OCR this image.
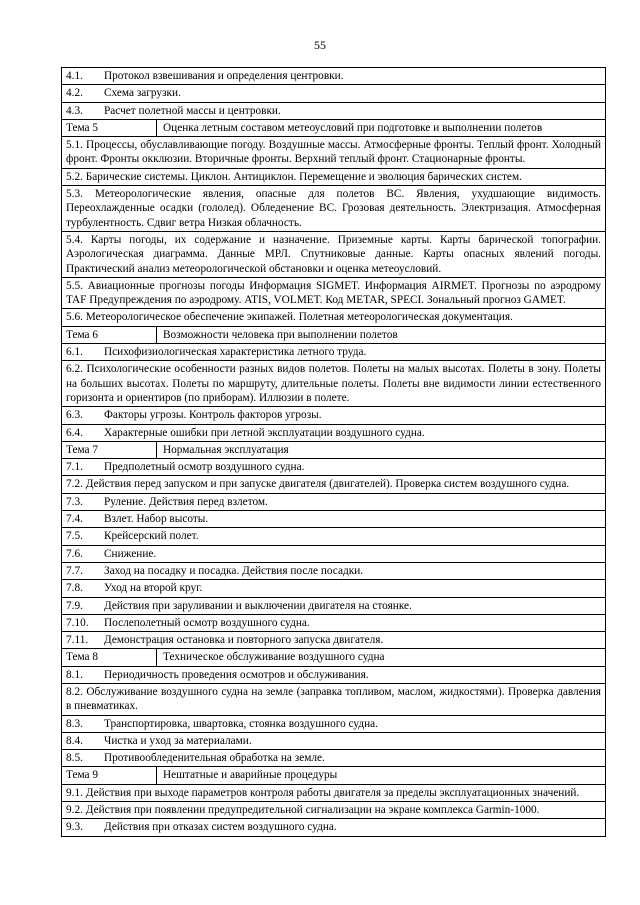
55
4.1.	Протокол взвешивания и определения центровки.
4.2.	Схема загрузки.
4.3.	Расчет полетной массы и центровки.
Тема 5	Оценка летным составом метеоусловий при подготовке и выполнении полетов
5.1. Процессы, обуславливающие погоду. Воздушные массы. Атмосферные фронты. Теплый фронт. Холодный фронт. Фронты окклюзии. Вторичные фронты. Верхний теплый фронт. Стационарные фронты.
5.2. Барические системы. Циклон. Антициклон. Перемещение и эволюция барических систем.
5.3. Метеорологические явления, опасные для полетов ВС. Явления, ухудшающие видимость. Переохлажденные осадки (гололед). Обледенение ВС. Грозовая деятельность. Электризация. Атмосферная турбулентность. Сдвиг ветра Низкая облачность.
5.4. Карты погоды, их содержание и назначение. Приземные карты. Карты барической топографии. Аэрологическая диаграмма. Данные МРЛ. Спутниковые данные. Карты опасных явлений погоды. Практический анализ метеорологической обстановки и оценка метеоусловий.
5.5. Авиационные прогнозы погоды Информация SIGMET. Информация AIRMET. Прогнозы по аэродрому TAF Предупреждения по аэродрому. ATIS, VOLMET. Код METAR, SPECI. Зональный прогноз GAMET.
5.6. Метеорологическое обеспечение экипажей. Полетная метеорологическая документация.
Тема 6	Возможности человека при выполнении полетов
6.1.	Психофизиологическая характеристика летного труда.
6.2. Психологические особенности разных видов полетов. Полеты на малых высотах. Полеты в зону. Полеты на больших высотах. Полеты по маршруту, длительные полеты. Полеты вне видимости линии естественного горизонта и ориентиров (по приборам). Иллюзии в полете.
6.3.	Факторы угрозы. Контроль факторов угрозы.
6.4.	Характерные ошибки при летной эксплуатации воздушного судна.
Тема 7	Нормальная эксплуатация
7.1.	Предполетный осмотр воздушного судна.
7.2. Действия перед запуском и при запуске двигателя (двигателей). Проверка систем воздушного судна.
7.3.	Руление. Действия перед взлетом.
7.4.	Взлет. Набор высоты.
7.5.	Крейсерский полет.
7.6.	Снижение.
7.7.	Заход на посадку и посадка. Действия после посадки.
7.8.	Уход на второй круг.
7.9.	Действия при заруливании и выключении двигателя на стоянке.
7.10.	Послеполетный осмотр воздушного судна.
7.11.	Демонстрация остановка и повторного запуска двигателя.
Тема 8	Техническое обслуживание воздушного судна
8.1.	Периодичность проведения осмотров и обслуживания.
8.2. Обслуживание воздушного судна на земле (заправка топливом, маслом, жидкостями). Проверка давления в пневматиках.
8.3.	Транспортировка, швартовка, стоянка воздушного судна.
8.4.	Чистка и уход за материалами.
8.5.	Противообледенительная обработка на земле.
Тема 9	Нештатные и аварийные процедуры
9.1. Действия при выходе параметров контроля работы двигателя за пределы эксплуатационных значений.
9.2. Действия при появлении предупредительной сигнализации на экране комплекса Garmin-1000.
9.3.	Действия при отказах систем воздушного судна.
